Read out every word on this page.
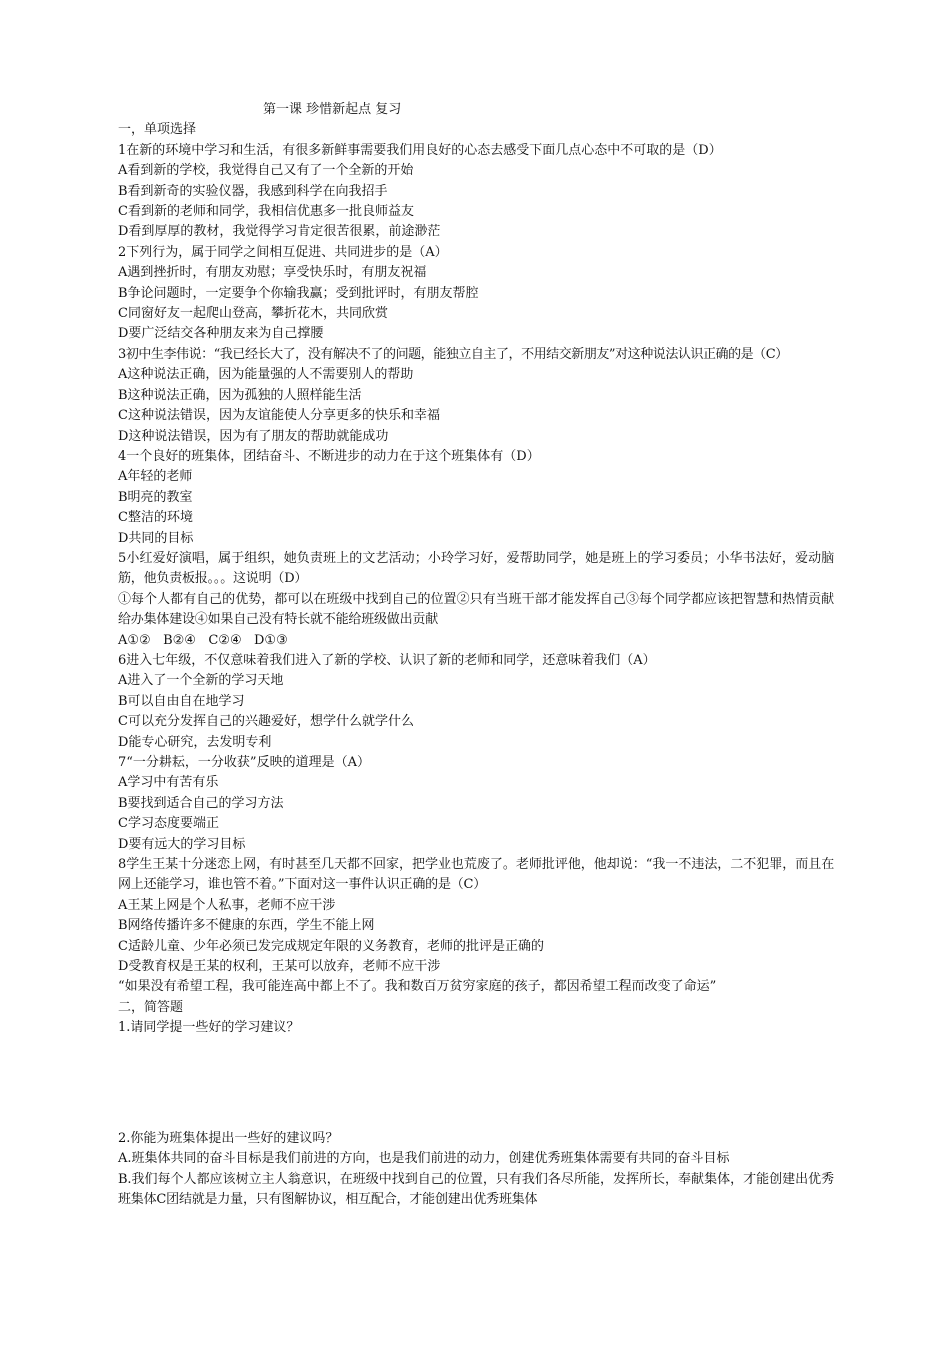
第一课 珍惜新起点 复习
一，单项选择
1在新的环境中学习和生活，有很多新鲜事需要我们用良好的心态去感受下面几点心态中不可取的是（D）
A看到新的学校，我觉得自己又有了一个全新的开始
B看到新奇的实验仪器，我感到科学在向我招手
C看到新的老师和同学，我相信优惠多一批良师益友
D看到厚厚的教材，我觉得学习肯定很苦很累，前途渺茫
2下列行为，属于同学之间相互促进、共同进步的是（A）
A遇到挫折时，有朋友劝慰；享受快乐时，有朋友祝福
B争论问题时，一定要争个你输我赢；受到批评时，有朋友帮腔
C同窗好友一起爬山登高，攀折花木，共同欣赏
D要广泛结交各种朋友来为自己撑腰
3初中生李伟说：“我已经长大了，没有解决不了的问题，能独立自主了，不用结交新朋友”对这种说法认识正确的是（C）
A这种说法正确，因为能量强的人不需要别人的帮助
B这种说法正确，因为孤独的人照样能生活
C这种说法错误，因为友谊能使人分享更多的快乐和幸福
D这种说法错误，因为有了朋友的帮助就能成功
4一个良好的班集体，团结奋斗、不断进步的动力在于这个班集体有（D）
A年轻的老师
B明亮的教室
C整洁的环境
D共同的目标
5小红爱好演唱，属于组织，她负责班上的文艺活动；小玲学习好，爱帮助同学，她是班上的学习委员；小华书法好，爱动脑筋，他负责板报。。。这说明（D）
①每个人都有自己的优势，都可以在班级中找到自己的位置②只有当班干部才能发挥自己③每个同学都应该把智慧和热情贡献给办集体建设④如果自己没有特长就不能给班级做出贡献
A①②   B②④   C②④   D①③
6进入七年级，不仅意味着我们进入了新的学校、认识了新的老师和同学，还意味着我们（A）
A进入了一个全新的学习天地
B可以自由自在地学习
C可以充分发挥自己的兴趣爱好，想学什么就学什么
D能专心研究，去发明专利
7“一分耕耘，一分收获”反映的道理是（A）
A学习中有苦有乐
B要找到适合自己的学习方法
C学习态度要端正
D要有远大的学习目标
8学生王某十分迷恋上网，有时甚至几天都不回家，把学业也荒废了。老师批评他，他却说：“我一不违法，二不犯罪，而且在网上还能学习，谁也管不着。”下面对这一事件认识正确的是（C）
A王某上网是个人私事，老师不应干涉
B网络传播许多不健康的东西，学生不能上网
C适龄儿童、少年必须已发完成规定年限的义务教育，老师的批评是正确的
D受教育权是王某的权利，王某可以放弃，老师不应干涉
“如果没有希望工程，我可能连高中都上不了。我和数百万贫穷家庭的孩子，都因希望工程而改变了命运”
二，简答题
1.请同学提一些好的学习建议？
2.你能为班集体提出一些好的建议吗？
A.班集体共同的奋斗目标是我们前进的方向，也是我们前进的动力，创建优秀班集体需要有共同的奋斗目标
B.我们每个人都应该树立主人翁意识，在班级中找到自己的位置，只有我们各尽所能，发挥所长，奉献集体，才能创建出优秀班集体C团结就是力量，只有图解协议，相互配合，才能创建出优秀班集体
